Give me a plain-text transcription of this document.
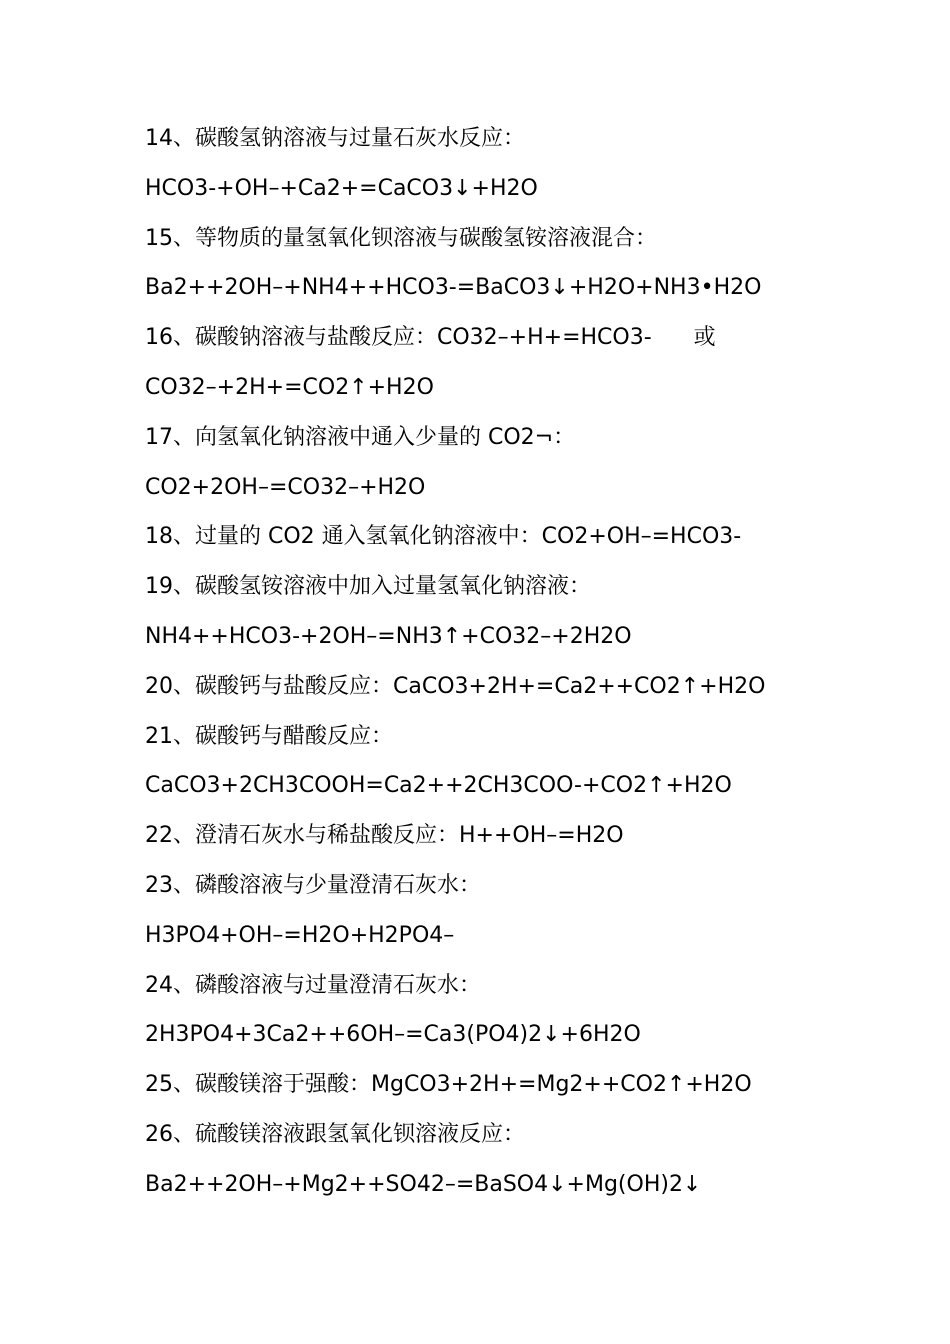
14、碳酸氢钠溶液与过量石灰水反应：
HCO3-+OH–+Ca2+=CaCO3↓+H2O
15、等物质的量氢氧化钡溶液与碳酸氢铵溶液混合：
Ba2++2OH–+NH4++HCO3-=BaCO3↓+H2O+NH3•H2O
16、碳酸钠溶液与盐酸反应：CO32–+H+=HCO3-      或
CO32–+2H+=CO2↑+H2O
17、向氢氧化钠溶液中通入少量的 CO2¬：
CO2+2OH–=CO32–+H2O
18、过量的 CO2 通入氢氧化钠溶液中：CO2+OH–=HCO3-
19、碳酸氢铵溶液中加入过量氢氧化钠溶液：
NH4++HCO3-+2OH–=NH3↑+CO32–+2H2O
20、碳酸钙与盐酸反应：CaCO3+2H+=Ca2++CO2↑+H2O
21、碳酸钙与醋酸反应：
CaCO3+2CH3COOH=Ca2++2CH3COO-+CO2↑+H2O
22、澄清石灰水与稀盐酸反应：H++OH–=H2O
23、磷酸溶液与少量澄清石灰水：
H3PO4+OH–=H2O+H2PO4–
24、磷酸溶液与过量澄清石灰水：
2H3PO4+3Ca2++6OH–=Ca3(PO4)2↓+6H2O
25、碳酸镁溶于强酸：MgCO3+2H+=Mg2++CO2↑+H2O
26、硫酸镁溶液跟氢氧化钡溶液反应：
Ba2++2OH–+Mg2++SO42–=BaSO4↓+Mg(OH)2↓
